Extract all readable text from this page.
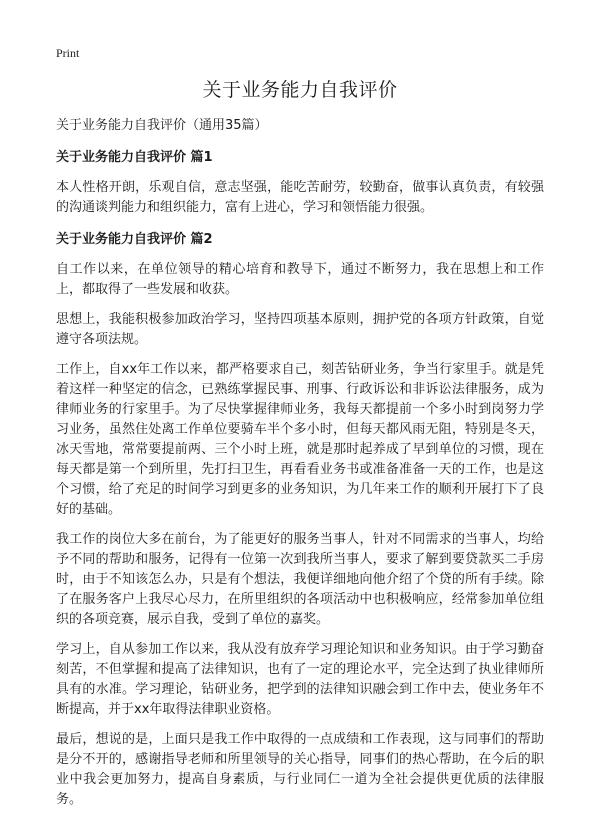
Print

关于业务能力自我评价

关于业务能力自我评价（通用35篇）

关于业务能力自我评价 篇1

本人性格开朗，乐观自信，意志坚强，能吃苦耐劳，较勤奋，做事认真负责，有较强的沟通谈判能力和组织能力，富有上进心，学习和领悟能力很强。

关于业务能力自我评价 篇2

自工作以来，在单位领导的精心培育和教导下，通过不断努力，我在思想上和工作上，都取得了一些发展和收获。

思想上，我能积极参加政治学习，坚持四项基本原则，拥护党的各项方针政策，自觉遵守各项法规。

工作上，自xx年工作以来，都严格要求自己，刻苦钻研业务，争当行家里手。就是凭着这样一种坚定的信念，已熟练掌握民事、刑事、行政诉讼和非诉讼法律服务，成为律师业务的行家里手。为了尽快掌握律师业务，我每天都提前一个多小时到岗努力学习业务，虽然住处离工作单位要骑车半个多小时，但每天都风雨无阻，特别是冬天，冰天雪地，常常要提前两、三个小时上班，就是那时起养成了早到单位的习惯，现在每天都是第一个到所里，先打扫卫生，再看看业务书或准备准备一天的工作，也是这个习惯，给了充足的时间学习到更多的业务知识，为几年来工作的顺利开展打下了良好的基础。

我工作的岗位大多在前台，为了能更好的服务当事人，针对不同需求的当事人，均给予不同的帮助和服务，记得有一位第一次到我所当事人，要求了解到要贷款买二手房时，由于不知该怎么办，只是有个想法，我便详细地向他介绍了个贷的所有手续。除了在服务客户上我尽心尽力，在所里组织的各项活动中也积极响应，经常参加单位组织的各项竞赛，展示自我，受到了单位的嘉奖。

学习上，自从参加工作以来，我从没有放弃学习理论知识和业务知识。由于学习勤奋刻苦，不但掌握和提高了法律知识，也有了一定的理论水平，完全达到了执业律师所具有的水准。学习理论，钻研业务，把学到的法律知识融会到工作中去，使业务年不断提高，并于xx年取得法律职业资格。

最后，想说的是，上面只是我工作中取得的一点成绩和工作表现，这与同事们的帮助是分不开的，感谢指导老师和所里领导的关心指导，同事们的热心帮助，在今后的职业中我会更加努力，提高自身素质，与行业同仁一道为全社会提供更优质的法律服务。
